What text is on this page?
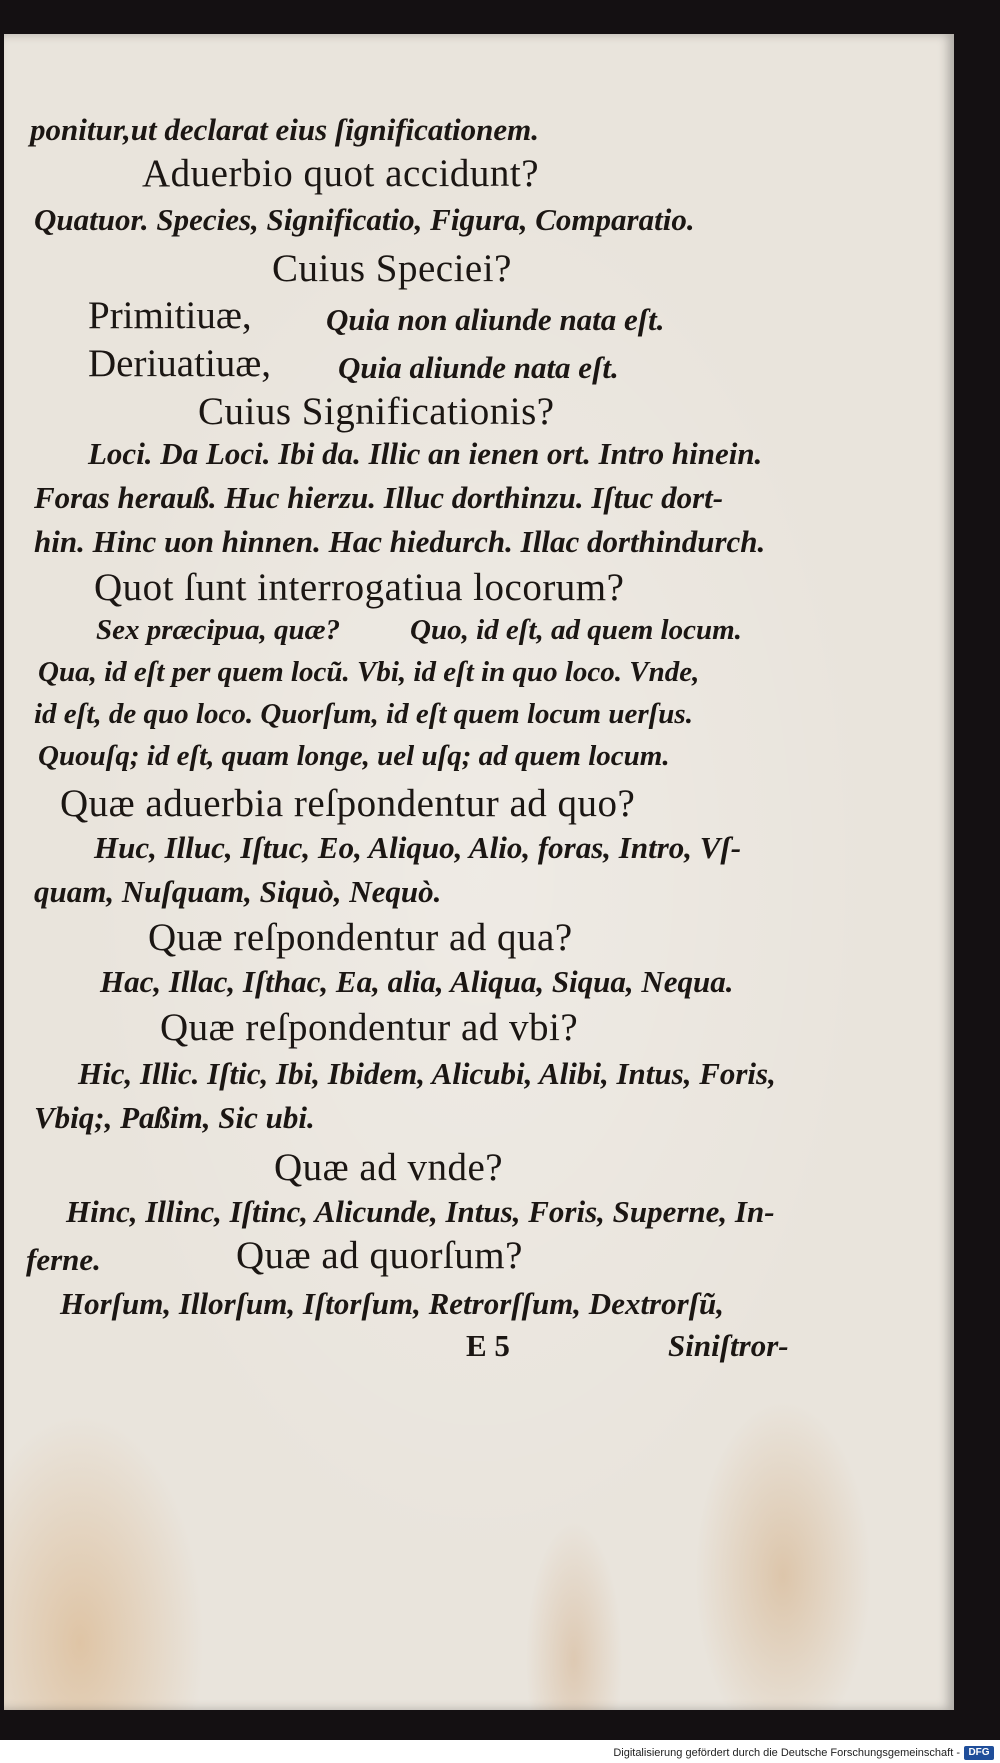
ponitur,ut declarat eius ſignificationem.
Aduerbio quot accidunt?
Quatuor. Species, Significatio, Figura, Comparatio.
Cuius Speciei?
Primitiuæ, Quia non aliunde nata eſt.
Deriuatiuæ, Quia aliunde nata eſt.
Cuius Significationis?
Loci. Da Loci. Ibi da. Illic an ienen ort. Intro hinein.
Foras herauß. Huc hierzu. Illuc dorthinzu. Iſtuc dort-
hin. Hinc uon hinnen. Hac hiedurch. Illac dorthindurch.
Quot ſunt interrogatiua locorum?
Sex præcipua, quæ? Quo, id eſt, ad quem locum.
Qua, id eſt per quem locũ. Vbi, id eſt in quo loco. Vnde,
id eſt, de quo loco. Quorſum, id eſt quem locum uerſus.
Quouſq; id eſt, quam longe, uel uſq; ad quem locum.
Quæ aduerbia reſpondentur ad quo?
Huc, Illuc, Iſtuc, Eo, Aliquo, Alio, foras, Intro, Vſ-
quam, Nuſquam, Siquò, Nequò.
Quæ reſpondentur ad qua?
Hac, Illac, Iſthac, Ea, alia, Aliqua, Siqua, Nequa.
Quæ reſpondentur ad vbi?
Hic, Illic. Iſtic, Ibi, Ibidem, Alicubi, Alibi, Intus, Foris,
Vbiq;, Paßim, Sic ubi.
Quæ ad vnde?
Hinc, Illinc, Iſtinc, Alicunde, Intus, Foris, Superne, In-
ferne.	Quæ ad quorſum?
Horſum, Illorſum, Iſtorſum, Retrorſſum, Dextrorſũ,
E 5	Siniſtror-
Digitalisierung gefördert durch die Deutsche Forschungsgemeinschaft - DFG
